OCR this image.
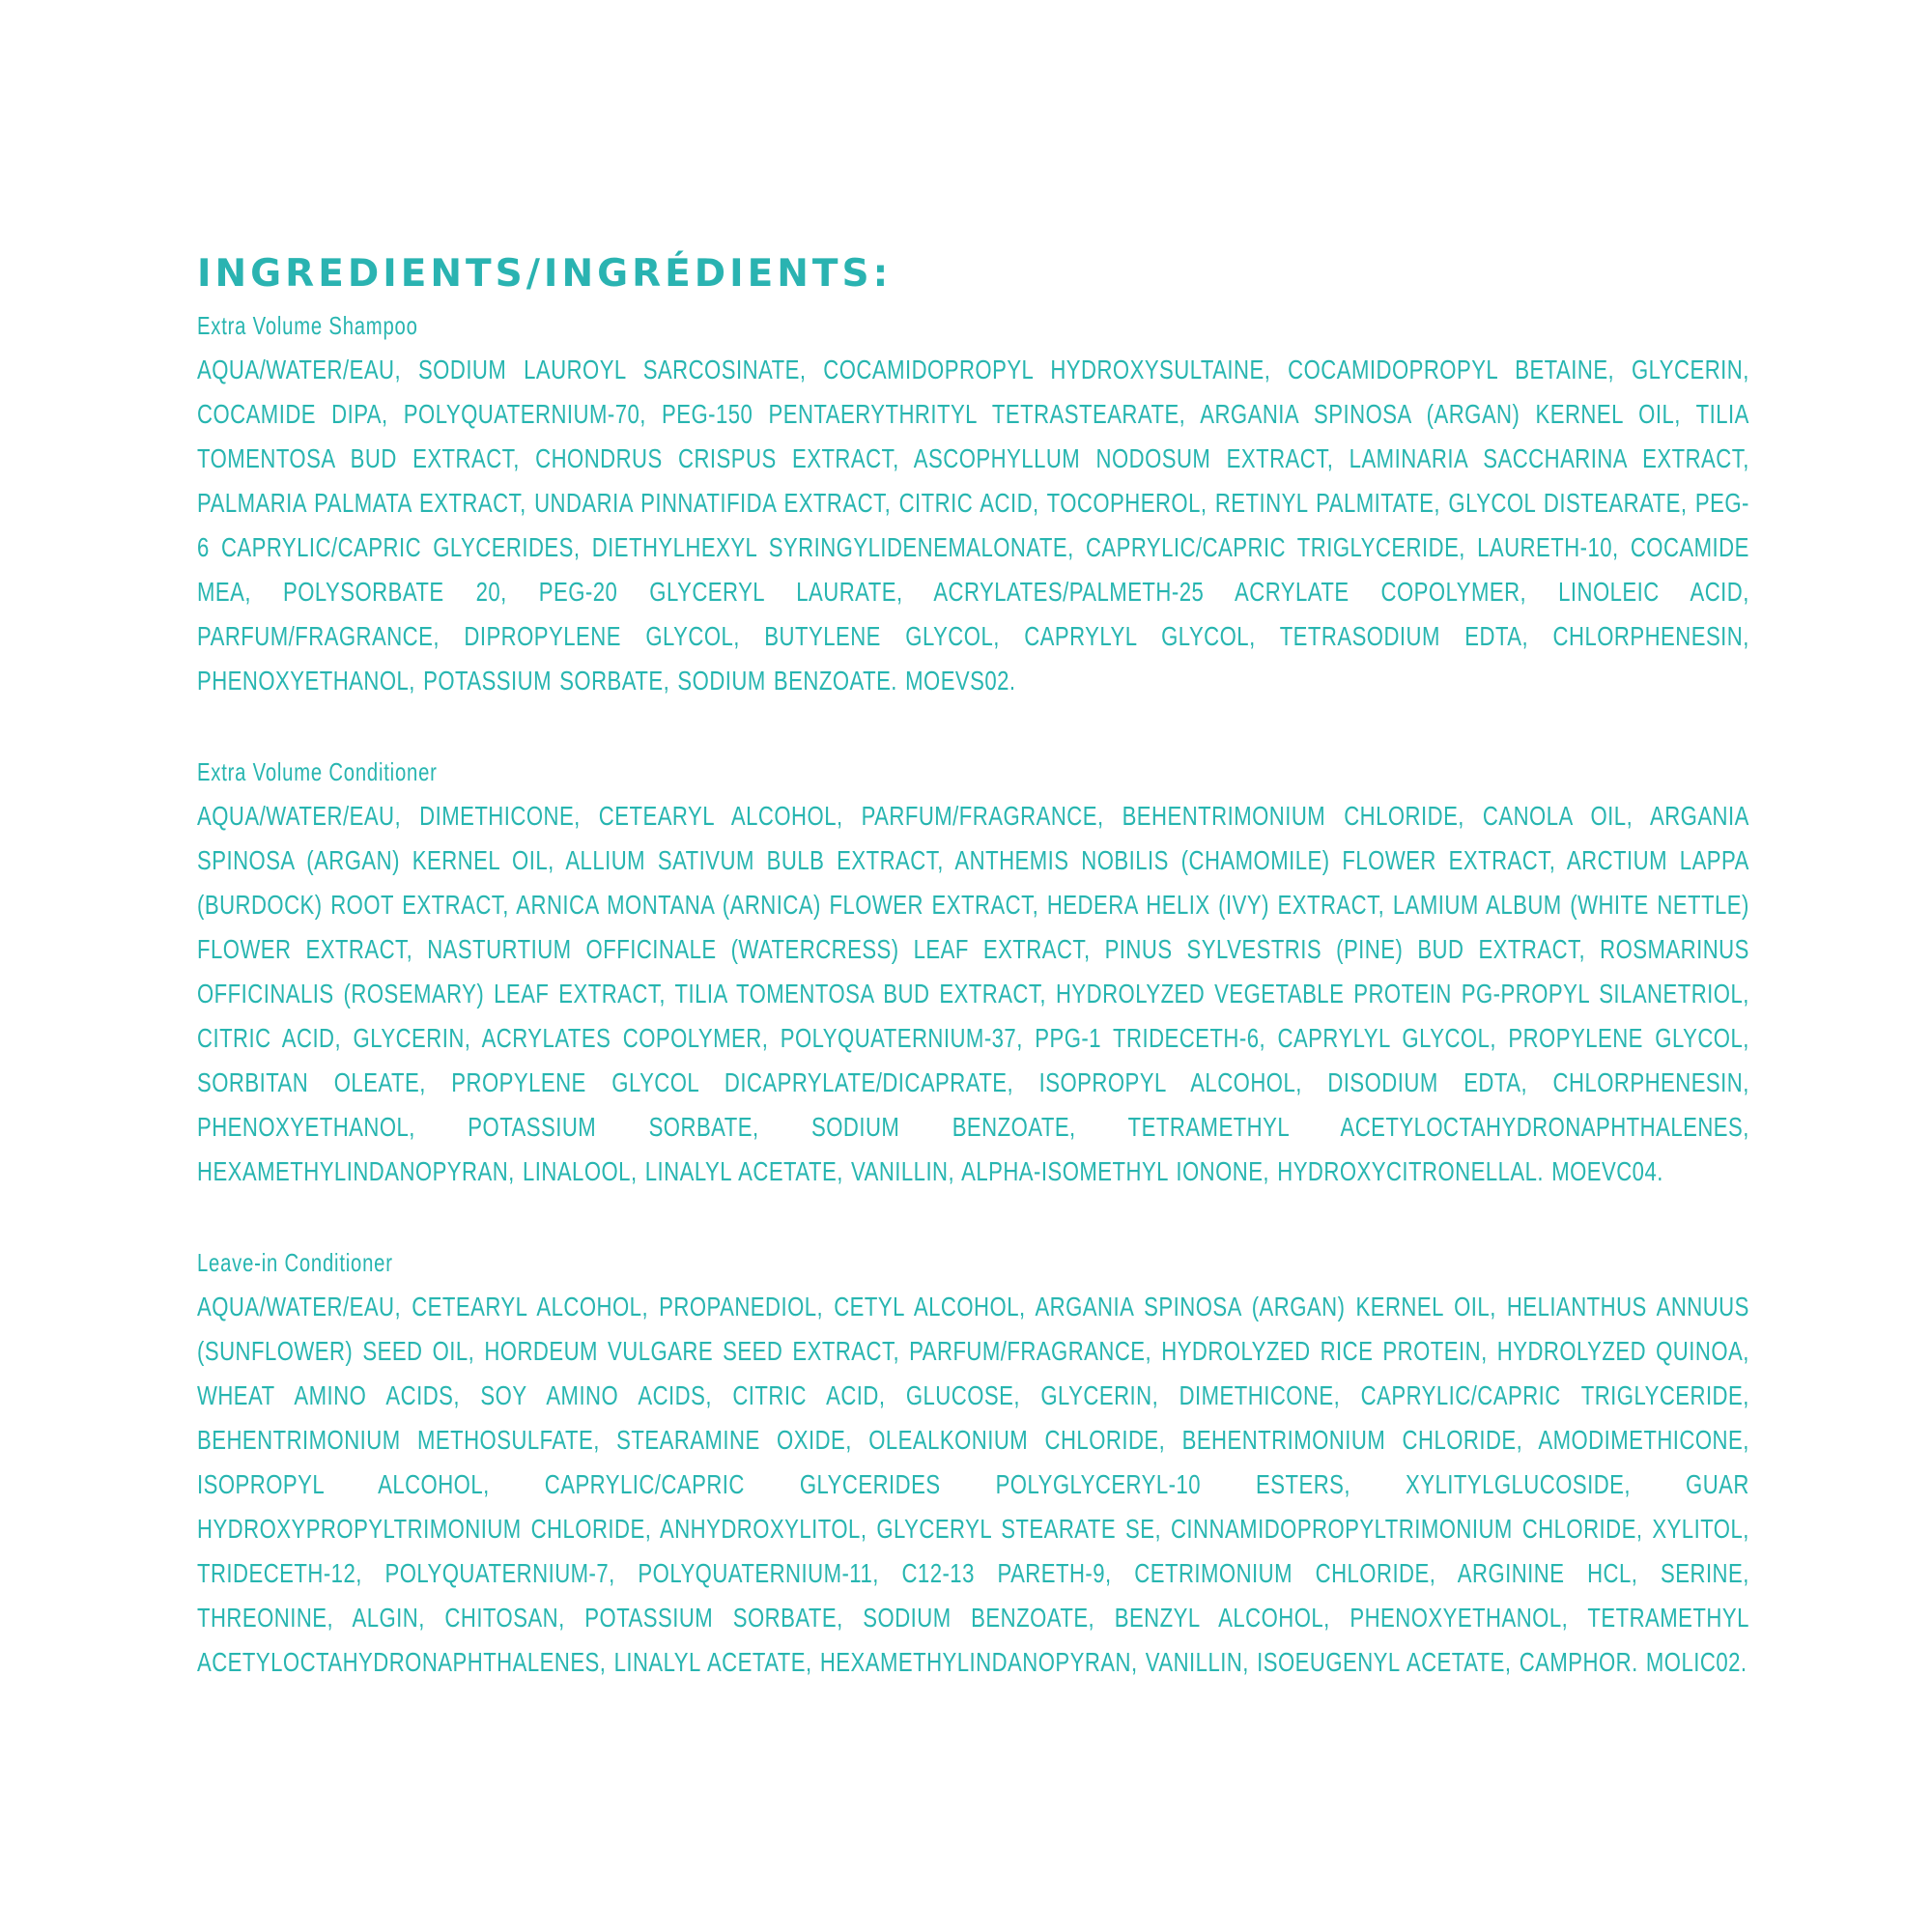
INGREDIENTS/INGRÉDIENTS:
Extra Volume Shampoo

AQUA/WATER/EAU, SODIUM LAUROYL SARCOSINATE, COCAMIDOPROPYL HYDROXYSULTAINE, COCAMIDOPROPYL BETAINE, GLYCERIN, COCAMIDE DIPA, POLYQUATERNIUM-70, PEG-150 PENTAERYTHRITYL TETRASTEARATE, ARGANIA SPINOSA (ARGAN) KERNEL OIL, TILIA TOMENTOSA BUD EXTRACT, CHONDRUS CRISPUS EXTRACT, ASCOPHYLLUM NODOSUM EXTRACT, LAMINARIA SACCHARINA EXTRACT, PALMARIA PALMATA EXTRACT, UNDARIA PINNATIFIDA EXTRACT, CITRIC ACID, TOCOPHEROL, RETINYL PALMITATE, GLYCOL DISTEARATE, PEG-6 CAPRYLIC/CAPRIC GLYCERIDES, DIETHYLHEXYL SYRINGYLIDENEMALONATE, CAPRYLIC/CAPRIC TRIGLYCERIDE, LAURETH-10, COCAMIDE MEA, POLYSORBATE 20, PEG-20 GLYCERYL LAURATE, ACRYLATES/PALMETH-25 ACRYLATE COPOLYMER, LINOLEIC ACID, PARFUM/FRAGRANCE, DIPROPYLENE GLYCOL, BUTYLENE GLYCOL, CAPRYLYL GLYCOL, TETRASODIUM EDTA, CHLORPHENESIN, PHENOXYETHANOL, POTASSIUM SORBATE, SODIUM BENZOATE. MOEVS02.

Extra Volume Conditioner

AQUA/WATER/EAU, DIMETHICONE, CETEARYL ALCOHOL, PARFUM/FRAGRANCE, BEHENTRIMONIUM CHLORIDE, CANOLA OIL, ARGANIA SPINOSA (ARGAN) KERNEL OIL, ALLIUM SATIVUM BULB EXTRACT, ANTHEMIS NOBILIS (CHAMOMILE) FLOWER EXTRACT, ARCTIUM LAPPA (BURDOCK) ROOT EXTRACT, ARNICA MONTANA (ARNICA) FLOWER EXTRACT, HEDERA HELIX (IVY) EXTRACT, LAMIUM ALBUM (WHITE NETTLE) FLOWER EXTRACT, NASTURTIUM OFFICINALE (WATERCRESS) LEAF EXTRACT, PINUS SYLVESTRIS (PINE) BUD EXTRACT, ROSMARINUS OFFICINALIS (ROSEMARY) LEAF EXTRACT, TILIA TOMENTOSA BUD EXTRACT, HYDROLYZED VEGETABLE PROTEIN PG-PROPYL SILANETRIOL, CITRIC ACID, GLYCERIN, ACRYLATES COPOLYMER, POLYQUATERNIUM-37, PPG-1 TRIDECETH-6, CAPRYLYL GLYCOL, PROPYLENE GLYCOL, SORBITAN OLEATE, PROPYLENE GLYCOL DICAPRYLATE/DICAPRATE, ISOPROPYL ALCOHOL, DISODIUM EDTA, CHLORPHENESIN, PHENOXYETHANOL, POTASSIUM SORBATE, SODIUM BENZOATE, TETRAMETHYL ACETYLOCTAHYDRONAPHTHALENES, HEXAMETHYLINDANOPYRAN, LINALOOL, LINALYL ACETATE, VANILLIN, ALPHA-ISOMETHYL IONONE, HYDROXYCITRONELLAL. MOEVC04.

Leave-in Conditioner

AQUA/WATER/EAU, CETEARYL ALCOHOL, PROPANEDIOL, CETYL ALCOHOL, ARGANIA SPINOSA (ARGAN) KERNEL OIL, HELIANTHUS ANNUUS (SUNFLOWER) SEED OIL, HORDEUM VULGARE SEED EXTRACT, PARFUM/FRAGRANCE, HYDROLYZED RICE PROTEIN, HYDROLYZED QUINOA, WHEAT AMINO ACIDS, SOY AMINO ACIDS, CITRIC ACID, GLUCOSE, GLYCERIN, DIMETHICONE, CAPRYLIC/CAPRIC TRIGLYCERIDE, BEHENTRIMONIUM METHOSULFATE, STEARAMINE OXIDE, OLEALKONIUM CHLORIDE, BEHENTRIMONIUM CHLORIDE, AMODIMETHICONE, ISOPROPYL ALCOHOL, CAPRYLIC/CAPRIC GLYCERIDES POLYGLYCERYL-10 ESTERS, XYLITYLGLUCOSIDE, GUAR HYDROXYPROPYLTRIMONIUM CHLORIDE, ANHYDROXYLITOL, GLYCERYL STEARATE SE, CINNAMIDOPROPYLTRIMONIUM CHLORIDE, XYLITOL, TRIDECETH-12, POLYQUATERNIUM-7, POLYQUATERNIUM-11, C12-13 PARETH-9, CETRIMONIUM CHLORIDE, ARGININE HCL, SERINE, THREONINE, ALGIN, CHITOSAN, POTASSIUM SORBATE, SODIUM BENZOATE, BENZYL ALCOHOL, PHENOXYETHANOL, TETRAMETHYL ACETYLOCTAHYDRONAPHTHALENES, LINALYL ACETATE, HEXAMETHYLINDANOPYRAN, VANILLIN, ISOEUGENYL ACETATE, CAMPHOR. MOLIC02.
